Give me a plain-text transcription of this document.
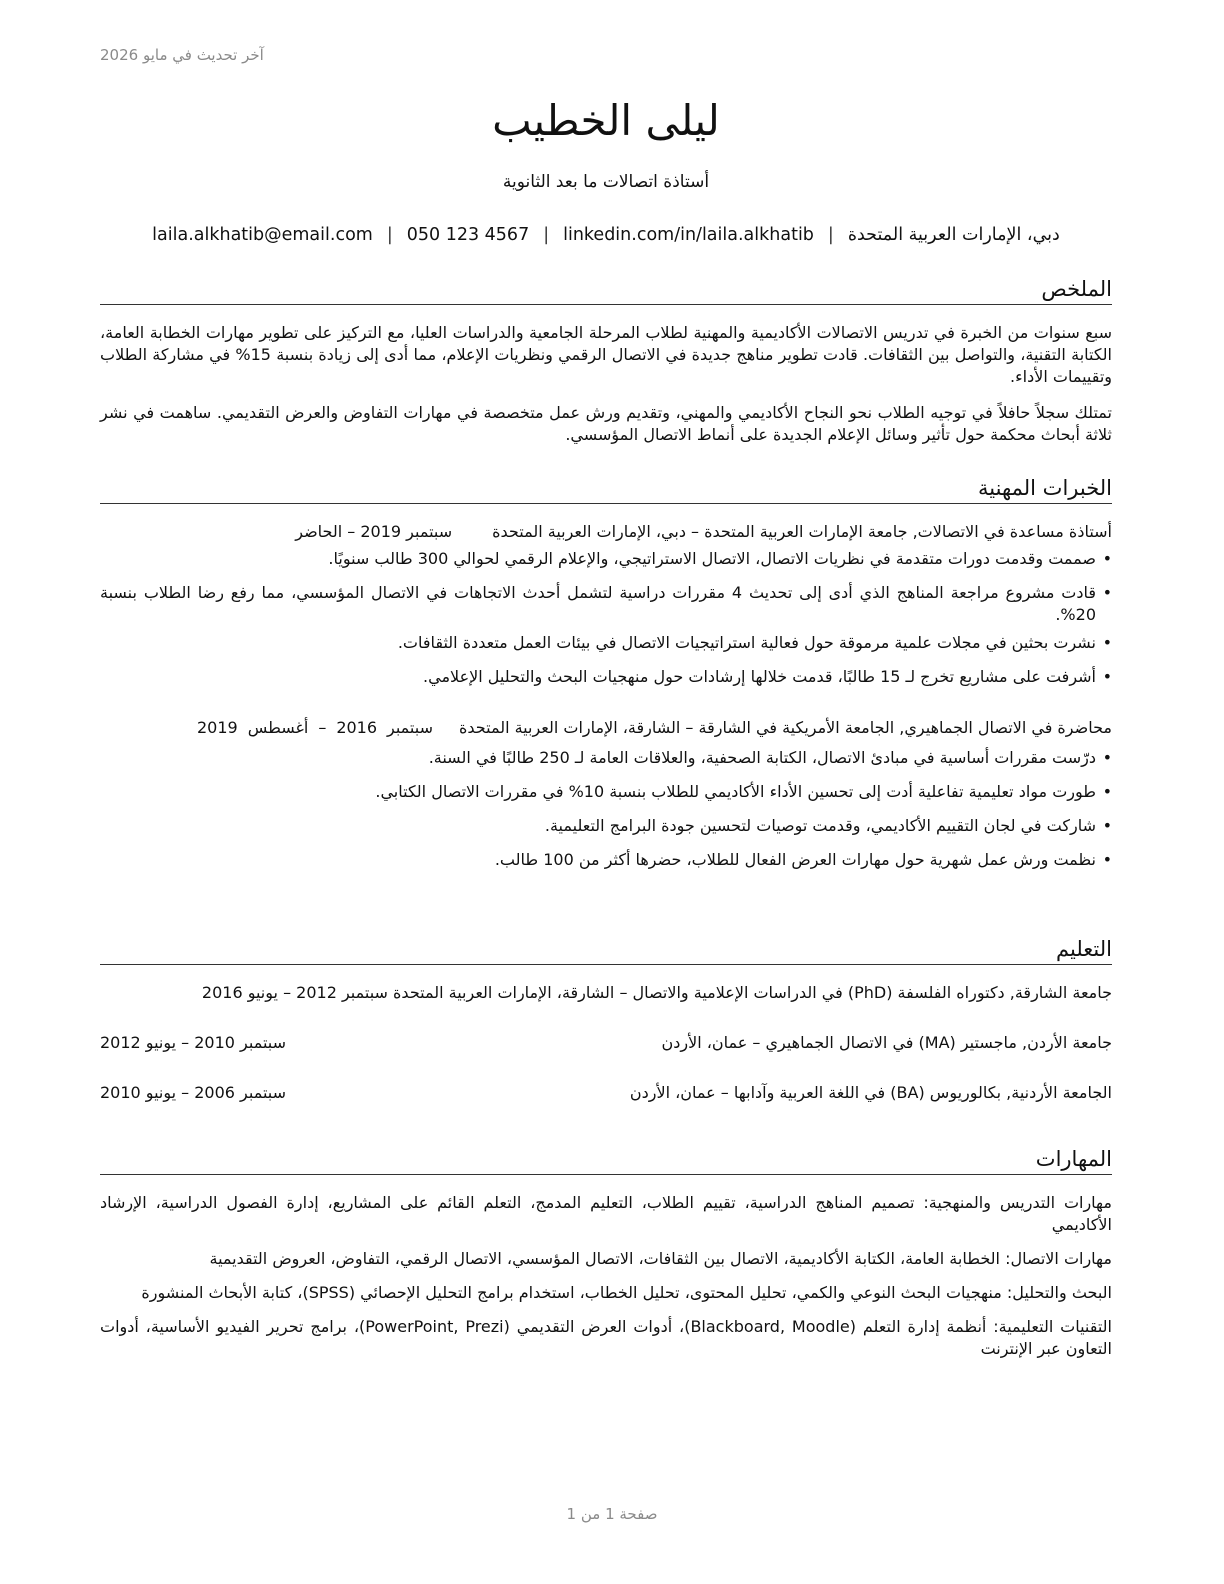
آخر تحديث في مايو 2026
ليلى الخطيب
أستاذة اتصالات ما بعد الثانوية
دبي، الإمارات العربية المتحدة|laila.alkhatib@email.com | 050 123 4567 | linkedin.com/in/laila.alkhatib
الملخص

سبع سنوات من الخبرة في تدريس الاتصالات الأكاديمية والمهنية لطلاب المرحلة الجامعية والدراسات العليا، مع التركيز على تطوير مهارات الخطابة العامة، الكتابة التقنية، والتواصل بين الثقافات. قادت تطوير مناهج جديدة في الاتصال الرقمي ونظريات الإعلام، مما أدى إلى زيادة بنسبة 15% في مشاركة الطلاب وتقييمات الأداء.

تمتلك سجلاً حافلاً في توجيه الطلاب نحو النجاح الأكاديمي والمهني، وتقديم ورش عمل متخصصة في مهارات التفاوض والعرض التقديمي. ساهمت في نشر ثلاثة أبحاث محكمة حول تأثير وسائل الإعلام الجديدة على أنماط الاتصال المؤسسي.

الخبرات المهنية
أستاذة مساعدة في الاتصالات, جامعة الإمارات العربية المتحدة – دبي، الإمارات العربية المتحدة
سبتمبر 2019 – الحاضر
• صممت وقدمت دورات متقدمة في نظريات الاتصال، الاتصال الاستراتيجي، والإعلام الرقمي لحوالي 300 طالب سنويًا.
• قادت مشروع مراجعة المناهج الذي أدى إلى تحديث 4 مقررات دراسية لتشمل أحدث الاتجاهات في الاتصال المؤسسي، مما رفع رضا الطلاب بنسبة 20%.
• نشرت بحثين في مجلات علمية مرموقة حول فعالية استراتيجيات الاتصال في بيئات العمل متعددة الثقافات.
• أشرفت على مشاريع تخرج لـ 15 طالبًا، قدمت خلالها إرشادات حول منهجيات البحث والتحليل الإعلامي.
محاضرة في الاتصال الجماهيري, الجامعة الأمريكية في الشارقة – الشارقة، الإمارات العربية المتحدة
سبتمبر 2016 – أغسطس 2019
• درّست مقررات أساسية في مبادئ الاتصال، الكتابة الصحفية، والعلاقات العامة لـ 250 طالبًا في السنة.
• طورت مواد تعليمية تفاعلية أدت إلى تحسين الأداء الأكاديمي للطلاب بنسبة 10% في مقررات الاتصال الكتابي.
• شاركت في لجان التقييم الأكاديمي، وقدمت توصيات لتحسين جودة البرامج التعليمية.
• نظمت ورش عمل شهرية حول مهارات العرض الفعال للطلاب، حضرها أكثر من 100 طالب.
التعليم
جامعة الشارقة, دكتوراه الفلسفة (PhD) في الدراسات الإعلامية والاتصال – الشارقة، الإمارات العربية المتحدة سبتمبر 2012 – يونيو 2016
جامعة الأردن, ماجستير (MA) في الاتصال الجماهيري – عمان، الأردن
سبتمبر 2010 – يونيو 2012
الجامعة الأردنية, بكالوريوس (BA) في اللغة العربية وآدابها – عمان، الأردن
سبتمبر 2006 – يونيو 2010
المهارات

مهارات التدريس والمنهجية: تصميم المناهج الدراسية، تقييم الطلاب، التعليم المدمج، التعلم القائم على المشاريع، إدارة الفصول الدراسية، الإرشاد الأكاديمي

مهارات الاتصال: الخطابة العامة، الكتابة الأكاديمية، الاتصال بين الثقافات، الاتصال المؤسسي، الاتصال الرقمي، التفاوض، العروض التقديمية

البحث والتحليل: منهجيات البحث النوعي والكمي، تحليل المحتوى، تحليل الخطاب، استخدام برامج التحليل الإحصائي (SPSS)، كتابة الأبحاث المنشورة

التقنيات التعليمية: أنظمة إدارة التعلم (Blackboard, Moodle)، أدوات العرض التقديمي (PowerPoint, Prezi)، برامج تحرير الفيديو الأساسية، أدوات التعاون عبر الإنترنت

صفحة 1 من 1
